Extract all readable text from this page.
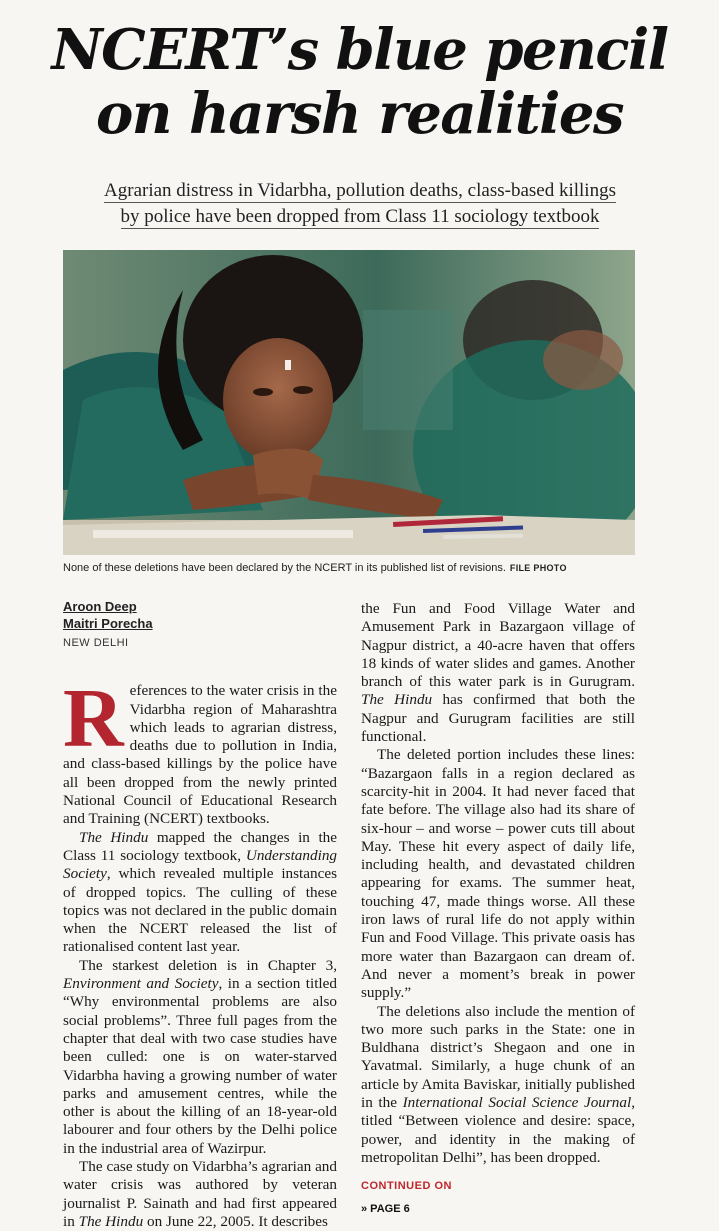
NCERT’s blue pencil
on harsh realities
Agrarian distress in Vidarbha, pollution deaths, class-based killings
by police have been dropped from Class 11 sociology textbook
None of these deletions have been declared by the NCERT in its published list of revisions. FILE PHOTO
Aroon Deep
Maitri Porecha
NEW DELHI

References to the water crisis in the Vidarbha region of Maharashtra which leads to agrarian distress, deaths due to pollution in India, and class-based killings by the police have all been dropped from the newly printed National Council of Educational Research and Training (NCERT) textbooks.

The Hindu mapped the changes in the Class 11 sociology textbook, Understanding Society, which revealed multiple instances of dropped topics. The culling of these topics was not declared in the public domain when the NCERT released the list of rationalised content last year.

The starkest deletion is in Chapter 3, Environment and Society, in a section titled “Why environmental problems are also social problems”. Three full pages from the chapter that deal with two case studies have been culled: one is on water-starved Vidarbha having a growing number of water parks and amusement centres, while the other is about the killing of an 18-year-old labourer and four others by the Delhi police in the industrial area of Wazirpur.

The case study on Vidarbha’s agrarian and water crisis was authored by veteran journalist P. Sainath and had first appeared in The Hindu on June 22, 2005. It describes

the Fun and Food Village Water and Amusement Park in Bazargaon village of Nagpur district, a 40-acre haven that offers 18 kinds of water slides and games. Another branch of this water park is in Gurugram. The Hindu has confirmed that both the Nagpur and Gurugram facilities are still functional.

The deleted portion includes these lines: “Bazargaon falls in a region declared as scarcity-hit in 2004. It had never faced that fate before. The village also had its share of six-hour – and worse – power cuts till about May. These hit every aspect of daily life, including health, and devastated children appearing for exams. The summer heat, touching 47, made things worse. All these iron laws of rural life do not apply within Fun and Food Village. This private oasis has more water than Bazargaon can dream of. And never a moment’s break in power supply.”

The deletions also include the mention of two more such parks in the State: one in Buldhana district’s Shegaon and one in Yavatmal. Similarly, a huge chunk of an article by Amita Baviskar, initially published in the International Social Science Journal, titled “Between violence and desire: space, power, and identity in the making of metropolitan Delhi”, has been dropped.

CONTINUED ON
» PAGE 6
